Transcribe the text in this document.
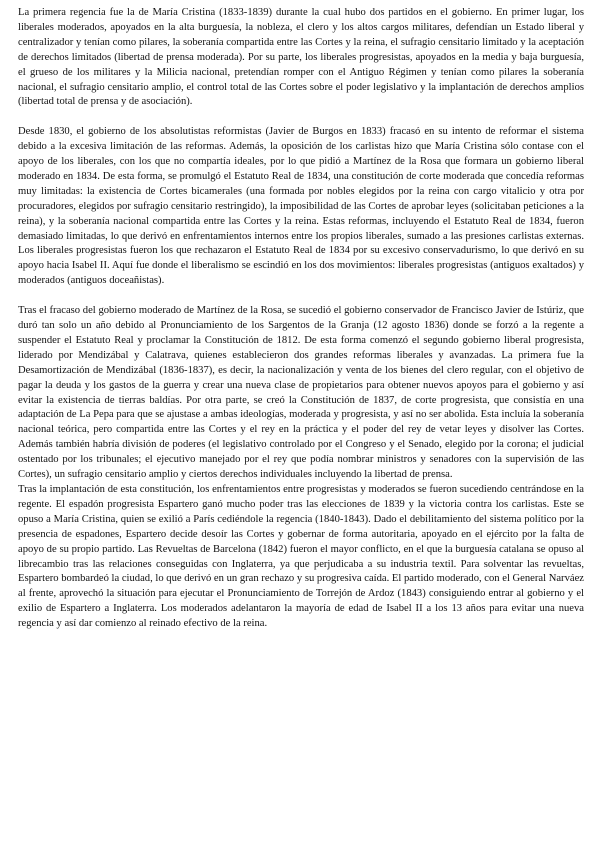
La primera regencia fue la de María Cristina (1833-1839) durante la cual hubo dos partidos en el gobierno. En primer lugar, los liberales moderados, apoyados en la alta burguesía, la nobleza, el clero y los altos cargos militares, defendían un Estado liberal y centralizador y tenían como pilares, la soberanía compartida entre las Cortes y la reina, el sufragio censitario limitado y la aceptación de derechos limitados (libertad de prensa moderada). Por su parte, los liberales progresistas, apoyados en la media y baja burguesía, el grueso de los militares y la Milicia nacional, pretendían romper con el Antiguo Régimen y tenían como pilares la soberanía nacional, el sufragio censitario amplio, el control total de las Cortes sobre el poder legislativo y la implantación de derechos amplios (libertad total de prensa y de asociación).

Desde 1830, el gobierno de los absolutistas reformistas (Javier de Burgos en 1833) fracasó en su intento de reformar el sistema debido a la excesiva limitación de las reformas. Además, la oposición de los carlistas hizo que María Cristina sólo contase con el apoyo de los liberales, con los que no compartía ideales, por lo que pidió a Martínez de la Rosa que formara un gobierno liberal moderado en 1834. De esta forma, se promulgó el Estatuto Real de 1834, una constitución de corte moderada que concedía reformas muy limitadas: la existencia de Cortes bicamerales (una formada por nobles elegidos por la reina con cargo vitalicio y otra por procuradores, elegidos por sufragio censitario restringido), la imposibilidad de las Cortes de aprobar leyes (solicitaban peticiones a la reina), y la soberanía nacional compartida entre las Cortes y la reina. Estas reformas, incluyendo el Estatuto Real de 1834, fueron demasiado limitadas, lo que derivó en enfrentamientos internos entre los propios liberales, sumado a las presiones carlistas externas. Los liberales progresistas fueron los que rechazaron el Estatuto Real de 1834 por su excesivo conservadurismo, lo que derivó en su apoyo hacia Isabel II. Aquí fue donde el liberalismo se escindió en los dos movimientos: liberales progresistas (antiguos exaltados) y moderados (antiguos doceañistas).

Tras el fracaso del gobierno moderado de Martínez de la Rosa, se sucedió el gobierno conservador de Francisco Javier de Istúriz, que duró tan solo un año debido al Pronunciamiento de los Sargentos de la Granja (12 agosto 1836) donde se forzó a la regente a suspender el Estatuto Real y proclamar la Constitución de 1812. De esta forma comenzó el segundo gobierno liberal progresista, liderado por Mendizábal y Calatrava, quienes establecieron dos grandes reformas liberales y avanzadas. La primera fue la Desamortización de Mendizábal (1836-1837), es decir, la nacionalización y venta de los bienes del clero regular, con el objetivo de pagar la deuda y los gastos de la guerra y crear una nueva clase de propietarios para obtener nuevos apoyos para el gobierno y así evitar la existencia de tierras baldías. Por otra parte, se creó la Constitución de 1837, de corte progresista, que consistía en una adaptación de La Pepa para que se ajustase a ambas ideologías, moderada y progresista, y así no ser abolida. Esta incluía la soberanía nacional teórica, pero compartida entre las Cortes y el rey en la práctica y el poder del rey de vetar leyes y disolver las Cortes. Además también habría división de poderes (el legislativo controlado por el Congreso y el Senado, elegido por la corona; el judicial ostentado por los tribunales; el ejecutivo manejado por el rey que podía nombrar ministros y senadores con la supervisión de las Cortes), un sufragio censitario amplio y ciertos derechos individuales incluyendo la libertad de prensa.

Tras la implantación de esta constitución, los enfrentamientos entre progresistas y moderados se fueron sucediendo centrándose en la regente. El espadón progresista Espartero ganó mucho poder tras las elecciones de 1839 y la victoria contra los carlistas. Este se opuso a María Cristina, quien se exilió a París cediéndole la regencia (1840-1843). Dado el debilitamiento del sistema político por la presencia de espadones, Espartero decide desoír las Cortes y gobernar de forma autoritaria, apoyado en el ejército por la falta de apoyo de su propio partido. Las Revueltas de Barcelona (1842) fueron el mayor conflicto, en el que la burguesía catalana se opuso al librecambio tras las relaciones conseguidas con Inglaterra, ya que perjudicaba a su industria textil. Para solventar las revueltas, Espartero bombardeó la ciudad, lo que derivó en un gran rechazo y su progresiva caída. El partido moderado, con el General Narváez al frente, aprovechó la situación para ejecutar el Pronunciamiento de Torrejón de Ardoz (1843) consiguiendo entrar al gobierno y el exilio de Espartero a Inglaterra. Los moderados adelantaron la mayoría de edad de Isabel II a los 13 años para evitar una nueva regencia y así dar comienzo al reinado efectivo de la reina.
